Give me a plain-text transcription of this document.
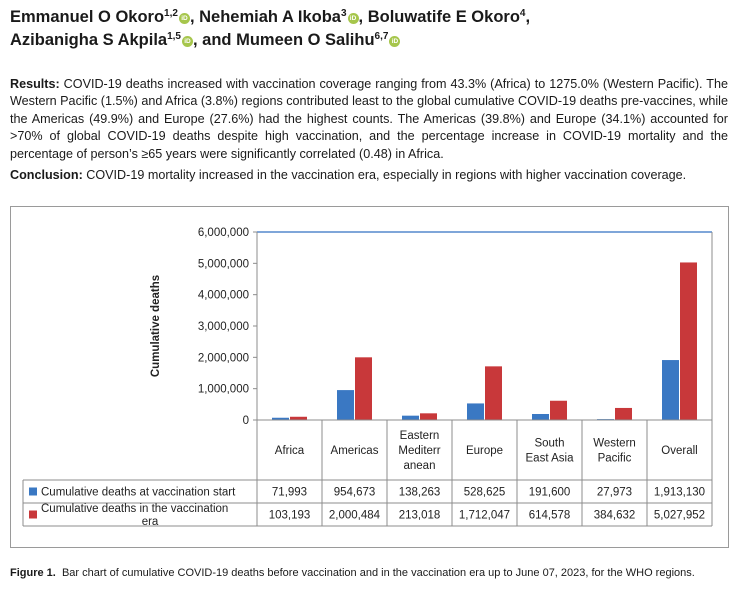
Emmanuel O Okoro$^{1,2}$ iD , Nehemiah A Ikoba$^3$ iD , Boluwatife E Okoro$^4$,
Azibanigha S Akpila$^{1,5}$ iD , and Mumeen O Salihu$^{6,7}$ iD

Results: COVID-19 deaths increased with vaccination coverage ranging from 43.3% (Africa) to 1275.0% (Western Pacific). The Western Pacific (1.5%) and Africa (3.8%) regions contributed least to the global cumulative COVID-19 deaths pre-vaccines, while the Americas (49.9%) and Europe (27.6%) had the highest counts. The Americas (39.8%) and Europe (34.1%) accounted for >70% of global COVID-19 deaths despite high vaccination, and the percentage increase in COVID-19 mortality and the percentage of person’s ≥65 years were significantly correlated (0.48) in Africa.

Conclusion: COVID-19 mortality increased in the vaccination era, especially in regions with higher vaccination coverage.

0
1,000,000
2,000,000
3,000,000
4,000,000
5,000,000
6,000,000
Cumulative deaths
Africa Americas
Eastern
Mediterr
anean
Europe
South
East Asia
Western
Pacific
Overall
Cumulative deaths at vaccination start	71,993 954,673 138,263 528,625 191,600 27,973 1,913,130
Cumulative deaths in the vaccination
era
103,193 2,000,484 213,018 1,712,047 614,578 384,632 5,027,952
Figure 1. Bar chart of cumulative COVID-19 deaths before vaccination and in the vaccination era up to June 07, 2023, for the WHO regions.
